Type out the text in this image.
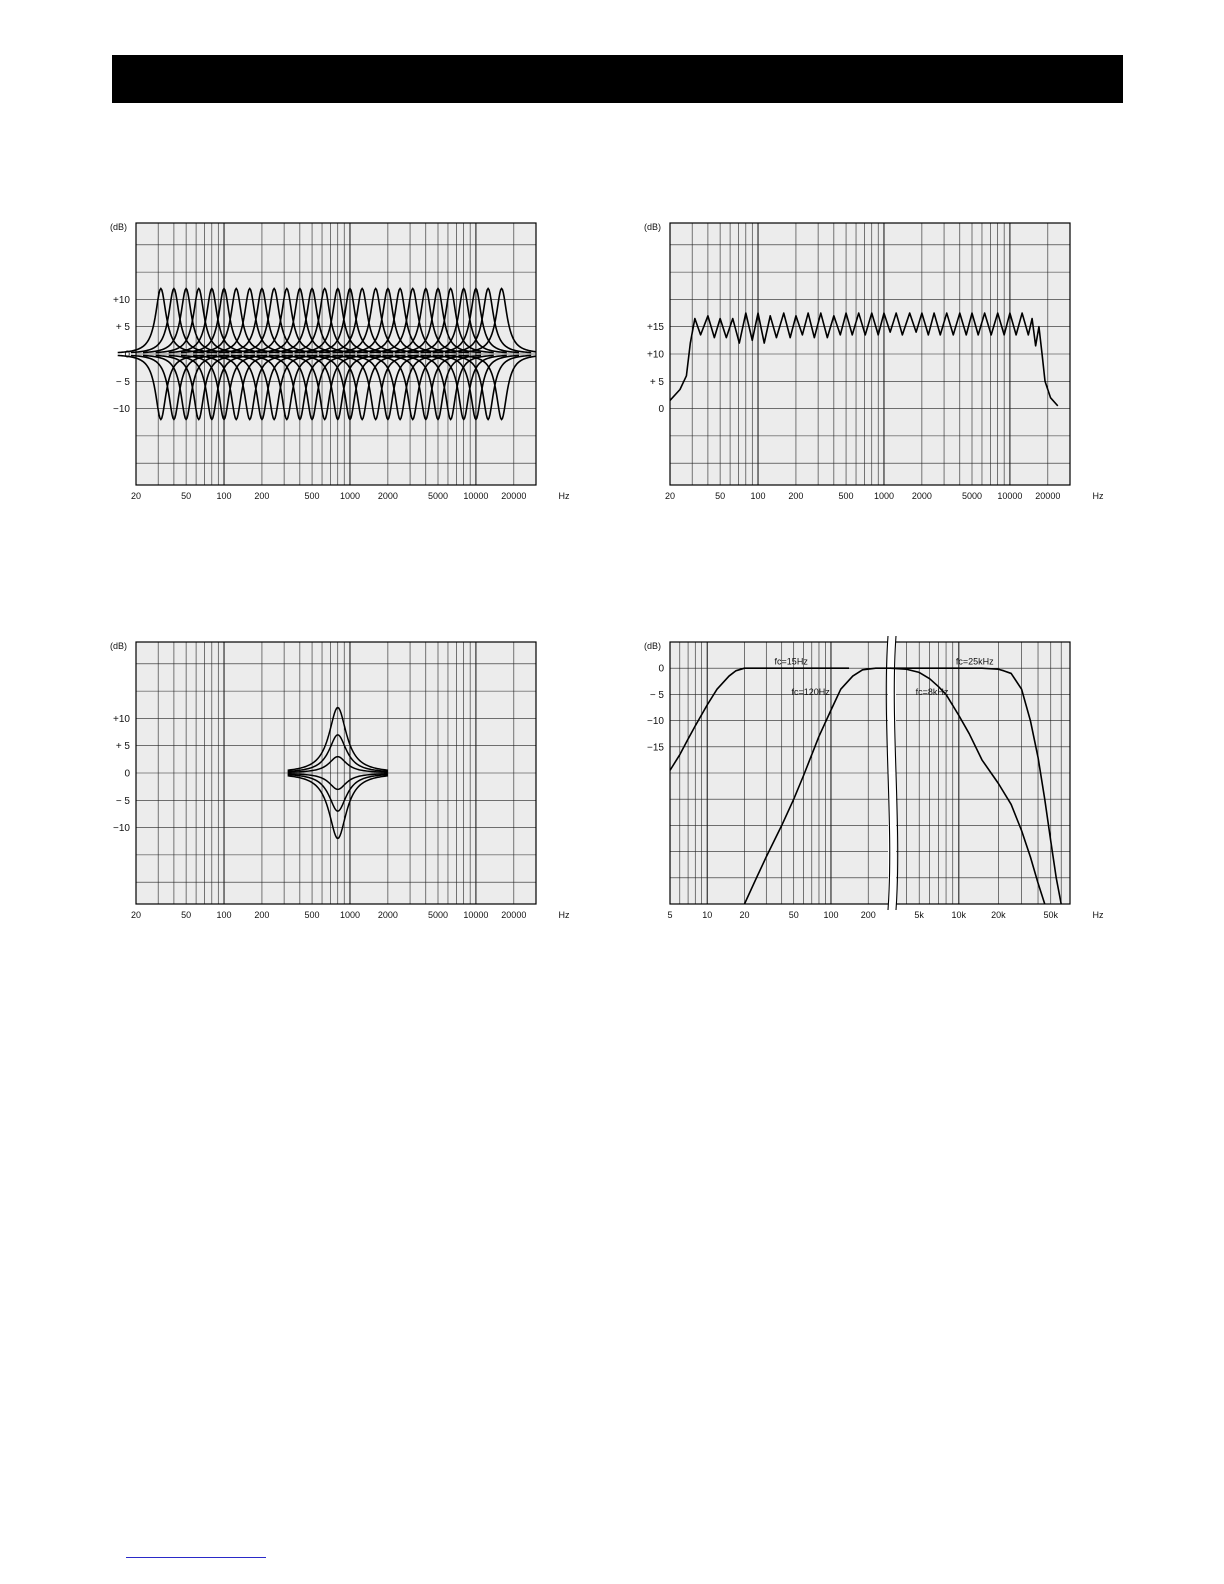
(dB)
+10
+ 5
0
− 5
−10
20	50	100	200	500 1000 2000	5000 10000 20000	Hz
(dB)
+15
+10
+ 5
0
20	50	100	200	500 1000 2000	5000 10000 20000	Hz
(dB)
+10
+ 5
0
− 5
−10
20	50	100	200	500 1000 2000	5000 10000 20000	Hz
(dB)
0
− 5
−10
−15
5	10	20	50	100 200	5k	10k	20k	50k	Hz
fc=15Hz
fc=120Hz	fc=8kHz
fc=25kHz
